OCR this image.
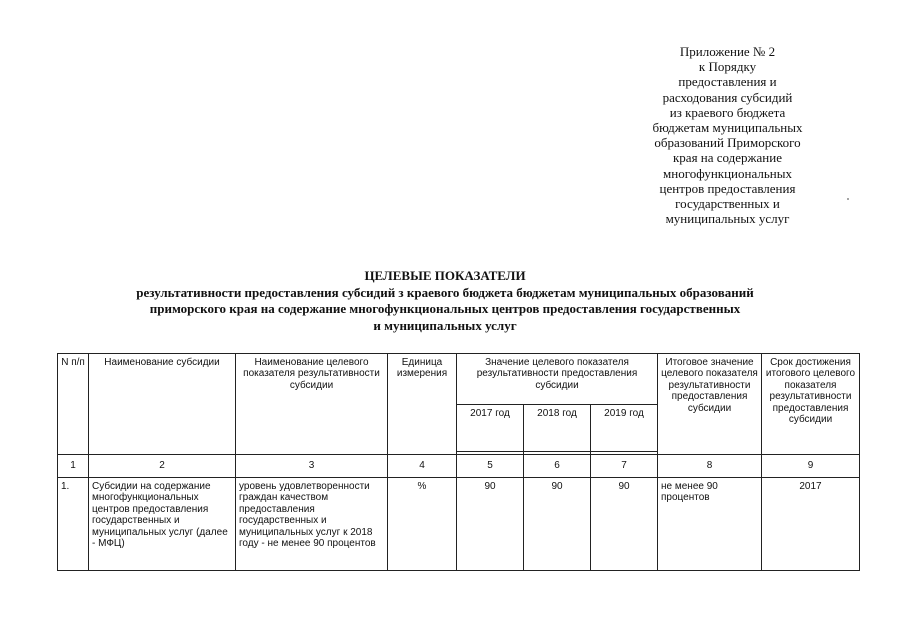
Приложение № 2
к Порядку
предоставления и
расходования субсидий
из краевого бюджета
бюджетам муниципальных
образований Приморского
края на содержание
многофункциональных
центров предоставления
государственных и
муниципальных услуг
ЦЕЛЕВЫЕ ПОКАЗАТЕЛИ
результативности предоставления субсидий з краевого бюджета бюджетам муниципальных образований
приморского края на содержание многофункциональных центров предоставления государственных
и муниципальных услуг
N п/п	Наименование субсидии	Наименование целевого показателя результативности субсидии	Единица измерения	Значение целевого показателя результативности предоставления субсидии			Итоговое значение целевого показателя результативности предоставления субсидии	Срок достижения итогового целевого показателя результативности предоставления субсидии
				2017 год	2018 год	2019 год		

1	2	3	4	5	6	7	8	9
1.	Субсидии на содержание многофункциональных центров предоставления государственных и муниципальных услуг (далее - МФЦ)	уровень удовлетворенности граждан качеством предоставления государственных и муниципальных услуг к 2018 году - не менее 90 процентов	%	90	90	90	не менее 90 процентов	2017
